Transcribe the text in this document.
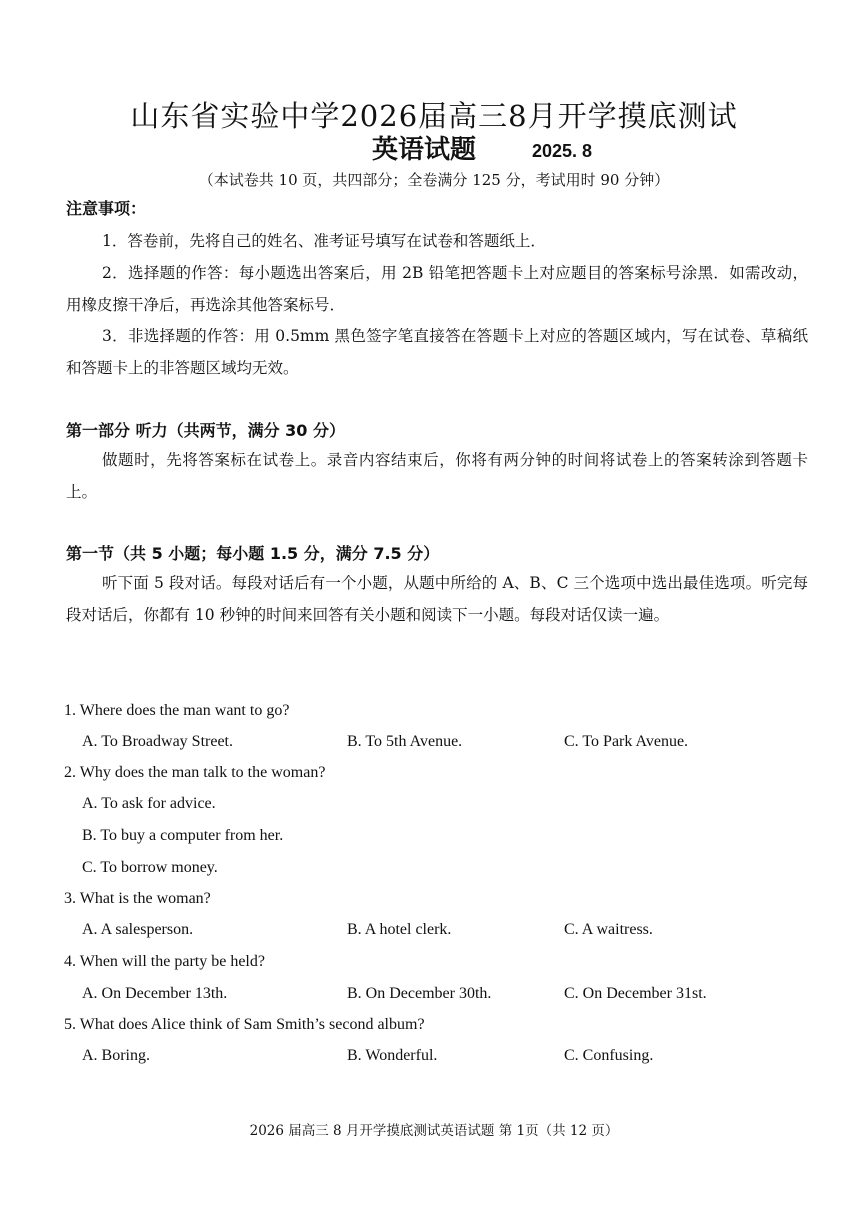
山东省实验中学2026届高三8月开学摸底测试
英语试题	2025. 8
（本试卷共 10 页，共四部分；全卷满分 125 分，考试用时 90 分钟）
注意事项：
1．答卷前，先将自己的姓名、准考证号填写在试卷和答题纸上．
2．选择题的作答：每小题选出答案后，用 2B 铅笔把答题卡上对应题目的答案标号涂黑．如需改动，用橡皮擦干净后，再选涂其他答案标号．
3．非选择题的作答：用 0.5mm 黑色签字笔直接答在答题卡上对应的答题区域内，写在试卷、草稿纸和答题卡上的非答题区域均无效。
第一部分 听力（共两节，满分 30 分）
做题时，先将答案标在试卷上。录音内容结束后，你将有两分钟的时间将试卷上的答案转涂到答题卡上。
第一节（共 5 小题；每小题 1.5 分，满分 7.5 分）
听下面 5 段对话。每段对话后有一个小题，从题中所给的 A、B、C 三个选项中选出最佳选项。听完每段对话后，你都有 10 秒钟的时间来回答有关小题和阅读下一小题。每段对话仅读一遍。
1. Where does the man want to go?
A. To Broadway Street.	B. To 5th Avenue.	C. To Park Avenue.
2. Why does the man talk to the woman?
A. To ask for advice.
B. To buy a computer from her.
C. To borrow money.
3. What is the woman?
A. A salesperson.	B. A hotel clerk.	C. A waitress.
4. When will the party be held?
A. On December 13th.	B. On December 30th.	C. On December 31st.
5. What does Alice think of Sam Smith’s second album?
A. Boring.	B. Wonderful.	C. Confusing.
2026 届高三 8 月开学摸底测试英语试题 第 1页（共 12 页）
